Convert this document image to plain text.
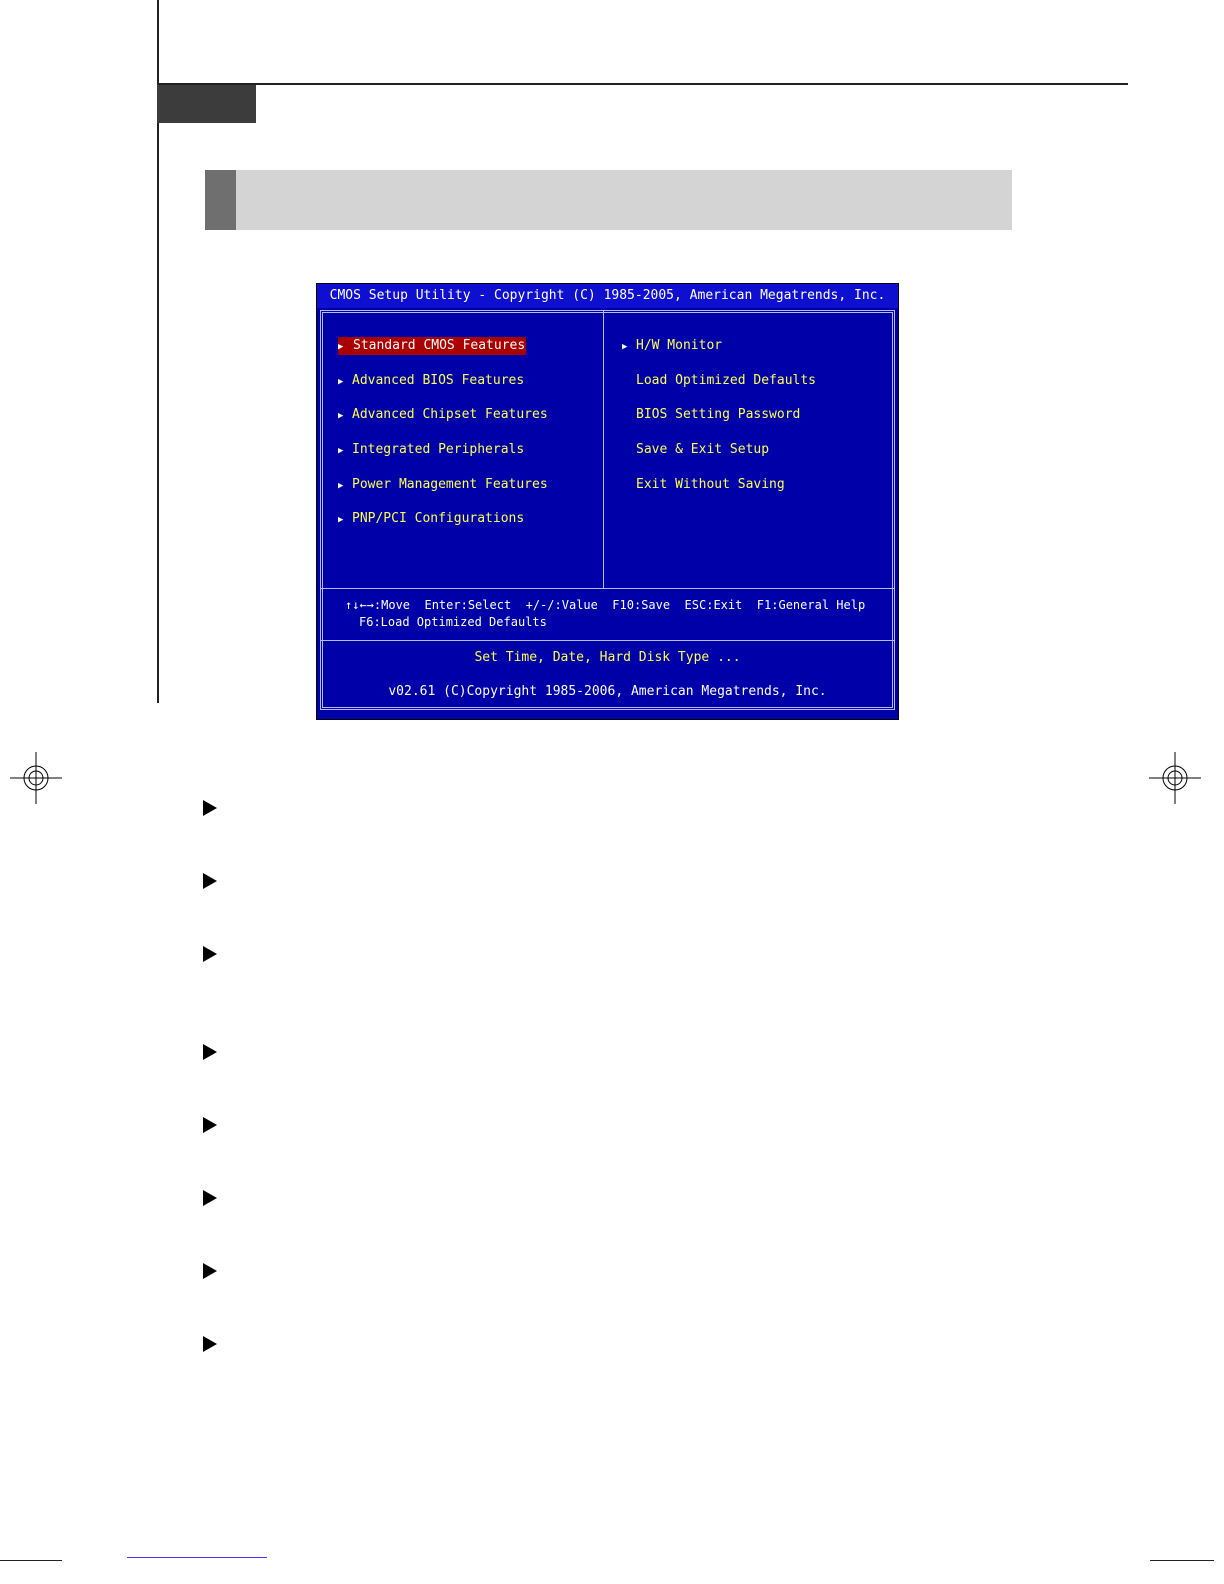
CMOS Setup Utility - Copyright (C) 1985-2005, American Megatrends, Inc.
▶ Standard CMOS Features
▶ Advanced BIOS Features
▶ Advanced Chipset Features
▶ Integrated Peripherals
▶ Power Management Features
▶ PNP/PCI Configurations
▶ H/W Monitor
Load Optimized Defaults
BIOS Setting Password
Save & Exit Setup
Exit Without Saving
↑↓←→:Move  Enter:Select  +/-/:Value  F10:Save  ESC:Exit  F1:General Help
F6:Load Optimized Defaults
Set Time, Date, Hard Disk Type ...
v02.61 (C)Copyright 1985-2006, American Megatrends, Inc.
